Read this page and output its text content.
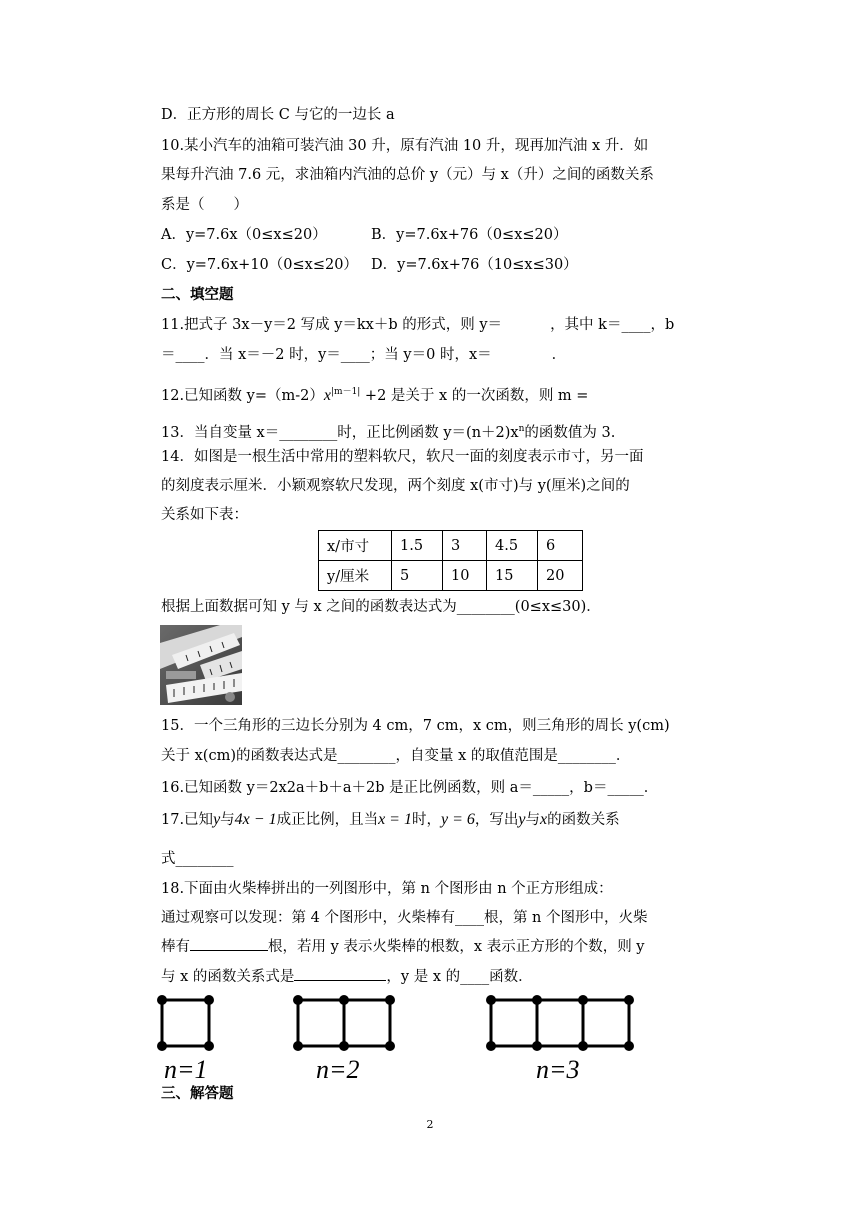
D．正方形的周长 C 与它的一边长 a
10.某小汽车的油箱可装汽油 30 升，原有汽油 10 升，现再加汽油 x 升．如
果每升汽油 7.6 元，求油箱内汽油的总价 y（元）与 x（升）之间的函数关系
系是（　　）
A．y=7.6x（0≤x≤20）	B．y=7.6x+76（0≤x≤20）
C．y=7.6x+10（0≤x≤20） D．y=7.6x+76（10≤x≤30）
二、填空题
11.把式子 3x－y＝2 写成 y＝kx＋b 的形式，则 y＝	，其中 k＝____，b
＝____．当 x＝－2 时，y＝____；当 y＝0 时，x＝	．
12.已知函数 $y=(m-2)x^{|m-1|} +2$ 是关于 x 的一次函数，则 m =
13．当自变量 x＝________时，正比例函数 $y=(n+2)x^n$的函数值为 3.
14．如图是一根生活中常用的塑料软尺，软尺一面的刻度表示市寸，另一面
的刻度表示厘米．小颖观察软尺发现，两个刻度 x(市寸)与 y(厘米)之间的
关系如下表：
x/市寸	1.5	3	4.5	6
y/厘米	5	10	15	20
根据上面数据可知 y 与 x 之间的函数表达式为________(0≤x≤30)．
15．一个三角形的三边长分别为 4 cm，7 cm，x cm，则三角形的周长 y(cm)
关于 x(cm)的函数表达式是________，自变量 x 的取值范围是________．
16.已知函数 y＝2x2a＋b＋a＋2b 是正比例函数，则 a＝_____，b＝_____．
17.已知y与4x − 1成正比例，且当x = 1时，y = 6，写出y与x的函数关系
式________
18.下面由火柴棒拼出的一列图形中，第 n 个图形由 n 个正方形组成：
通过观察可以发现：第 4 个图形中，火柴棒有____根，第 n 个图形中，火柴
棒有	根，若用 y 表示火柴棒的根数，x 表示正方形的个数，则 y
与 x 的函数关系式是	，y 是 x 的____函数．
n=1	n=2	n=3
三、解答题
2
